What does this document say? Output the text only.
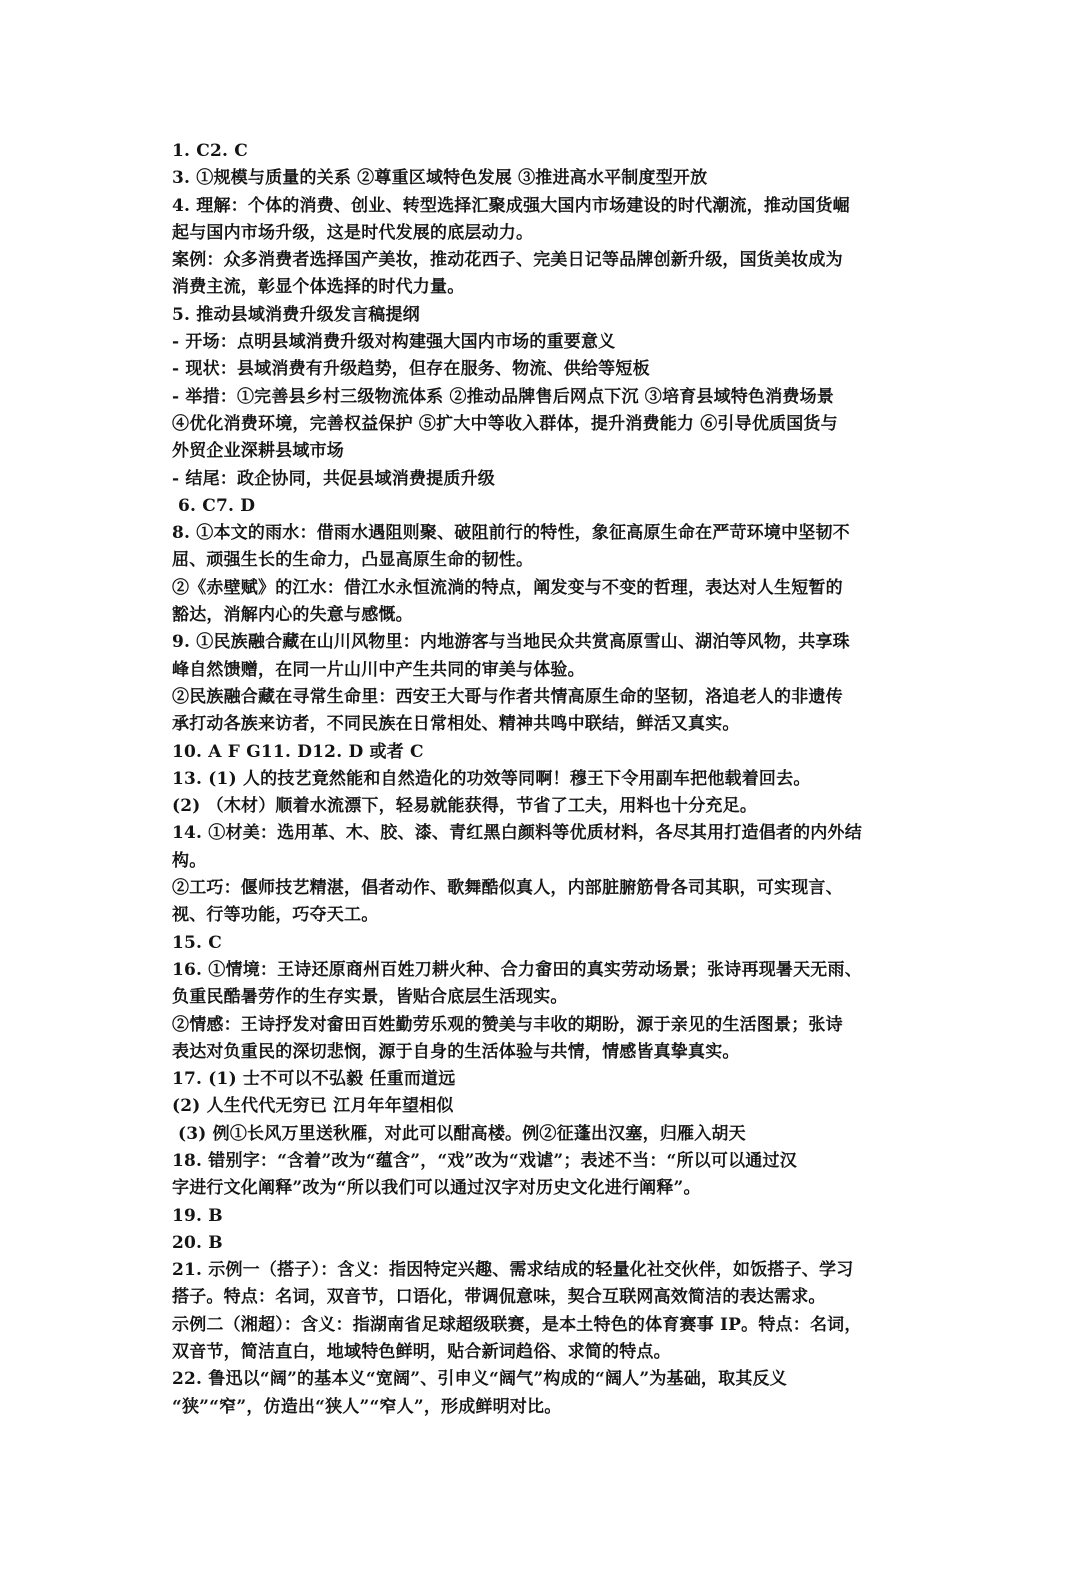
1. C2. C
3. ①规模与质量的关系 ②尊重区域特色发展 ③推进高水平制度型开放
4. 理解：个体的消费、创业、转型选择汇聚成强大国内市场建设的时代潮流，推动国货崛
起与国内市场升级，这是时代发展的底层动力。
案例：众多消费者选择国产美妆，推动花西子、完美日记等品牌创新升级，国货美妆成为
消费主流，彰显个体选择的时代力量。
5. 推动县域消费升级发言稿提纲
- 开场：点明县域消费升级对构建强大国内市场的重要意义
- 现状：县域消费有升级趋势，但存在服务、物流、供给等短板
- 举措：①完善县乡村三级物流体系 ②推动品牌售后网点下沉 ③培育县域特色消费场景
④优化消费环境，完善权益保护 ⑤扩大中等收入群体，提升消费能力 ⑥引导优质国货与
外贸企业深耕县域市场
- 结尾：政企协同，共促县域消费提质升级
6. C7. D
8. ①本文的雨水：借雨水遇阻则聚、破阻前行的特性，象征高原生命在严苛环境中坚韧不
屈、顽强生长的生命力，凸显高原生命的韧性。
②《赤壁赋》的江水：借江水永恒流淌的特点，阐发变与不变的哲理，表达对人生短暂的
豁达，消解内心的失意与感慨。
9. ①民族融合藏在山川风物里：内地游客与当地民众共赏高原雪山、湖泊等风物，共享珠
峰自然馈赠，在同一片山川中产生共同的审美与体验。
②民族融合藏在寻常生命里：西安王大哥与作者共情高原生命的坚韧，洛追老人的非遗传
承打动各族来访者，不同民族在日常相处、精神共鸣中联结，鲜活又真实。
10. A F G11. D12. D 或者 C
13. (1) 人的技艺竟然能和自然造化的功效等同啊！穆王下令用副车把他载着回去。
(2) （木材）顺着水流漂下，轻易就能获得，节省了工夫，用料也十分充足。
14. ①材美：选用革、木、胶、漆、青红黑白颜料等优质材料，各尽其用打造倡者的内外结
构。
②工巧：偃师技艺精湛，倡者动作、歌舞酷似真人，内部脏腑筋骨各司其职，可实现言、
视、行等功能，巧夺天工。
15. C
16. ①情境：王诗还原商州百姓刀耕火种、合力畲田的真实劳动场景；张诗再现暑天无雨、
负重民酷暑劳作的生存实景，皆贴合底层生活现实。
②情感：王诗抒发对畲田百姓勤劳乐观的赞美与丰收的期盼，源于亲见的生活图景；张诗
表达对负重民的深切悲悯，源于自身的生活体验与共情，情感皆真挚真实。
17. (1) 士不可以不弘毅 任重而道远
(2) 人生代代无穷已 江月年年望相似
(3) 例①长风万里送秋雁，对此可以酣高楼。例②征蓬出汉塞，归雁入胡天
18. 错别字：“含着”改为“蕴含”，“戏”改为“戏谑”；表述不当：“所以可以通过汉
字进行文化阐释”改为“所以我们可以通过汉字对历史文化进行阐释”。
19. B
20. B
21. 示例一（搭子）：含义：指因特定兴趣、需求结成的轻量化社交伙伴，如饭搭子、学习
搭子。特点：名词，双音节，口语化，带调侃意味，契合互联网高效简洁的表达需求。
示例二（湘超）：含义：指湖南省足球超级联赛，是本土特色的体育赛事 IP。特点：名词，
双音节，简洁直白，地域特色鲜明，贴合新词趋俗、求简的特点。
22. 鲁迅以“阔”的基本义“宽阔”、引申义“阔气”构成的“阔人”为基础，取其反义
“狭”“窄”，仿造出“狭人”“窄人”，形成鲜明对比。
